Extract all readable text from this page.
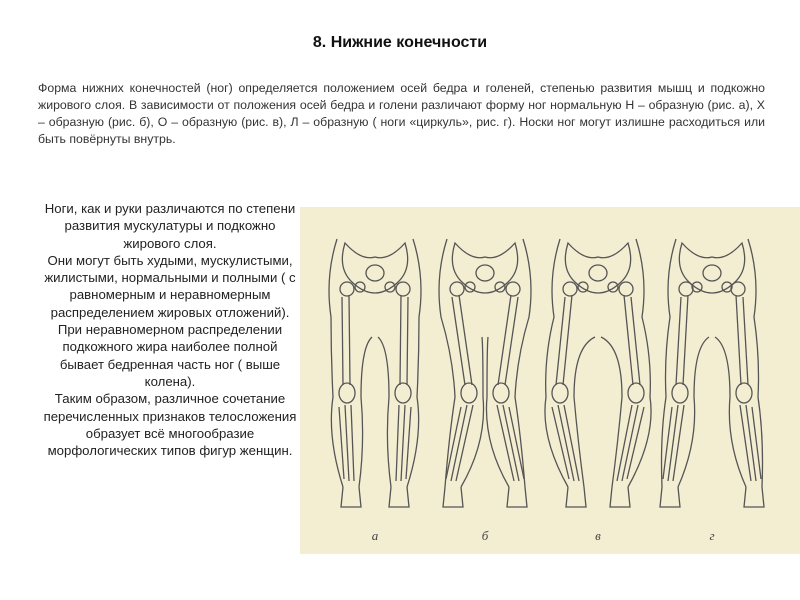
8. Нижние конечности
Форма нижних конечностей (ног) определяется положением осей бедра и голеней, степенью развития мышц и подкожно жирового слоя. В зависимости от положения осей бедра и голени различают форму ног нормальную Н – образную (рис. а), Х – образную (рис. б), О – образную (рис. в), Л – образную ( ноги «циркуль», рис. г). Носки ног могут излишне расходиться или быть повёрнуты внутрь.

Ноги, как и руки различаются по степени развития мускулатуры и подкожно жирового слоя.

Они могут быть худыми, мускулистыми, жилистыми, нормальными и полными ( с равномерным и неравномерным распределением жировых отложений). При неравномерном распределении подкожного жира наиболее полной бывает бедренная часть ног ( выше колена).

Таким образом, различное сочетание перечисленных признаков телосложения образует всё многообразие морфологических типов фигур женщин.

а	б	в	г
